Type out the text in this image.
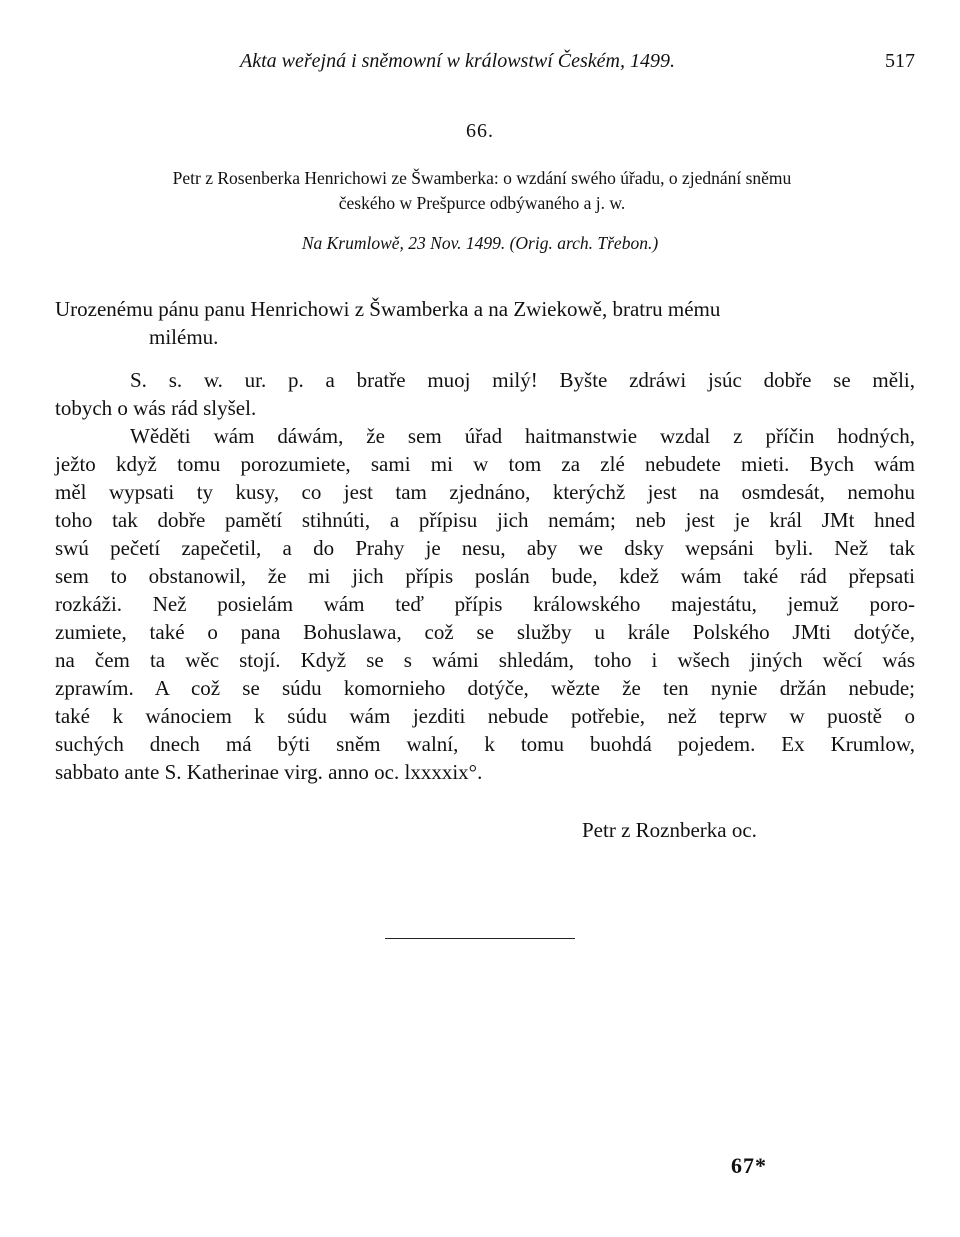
Akta weřejná i sněmowní w králowstwí Českém, 1499.	517
66.
Petr z Rosenberka Henrichowi ze Šwamberka: o wzdání swého úřadu, o zjednání sněmu
českého w Prešpurce odbýwaného a j. w.
Na Krumlowě, 23 Nov. 1499. (Orig. arch. Třebon.)
Urozenému pánu panu Henrichowi z Šwamberka a na Zwiekowě, bratru mému
milému.
S. s. w. ur. p. a bratře muoj milý! Byšte zdráwi jsúc dobře se měli,
tobych o wás rád slyšel.
Wěděti wám dáwám, že sem úřad haitmanstwie wzdal z příčin hodných,
ježto když tomu porozumiete, sami mi w tom za zlé nebudete mieti. Bych wám
měl wypsati ty kusy, co jest tam zjednáno, kterýchž jest na osmdesát, nemohu
toho tak dobře pamětí stihnúti, a přípisu jich nemám; neb jest je král JMt hned
swú pečetí zapečetil, a do Prahy je nesu, aby we dsky wepsáni byli. Než tak
sem to obstanowil, že mi jich přípis poslán bude, kdež wám také rád přepsati
rozkáži. Než posielám wám teď přípis králowského majestátu, jemuž poro-
zumiete, také o pana Bohuslawa, což se služby u krále Polského JMti dotýče,
na čem ta wěc stojí. Když se s wámi shledám, toho i wšech jiných wěcí wás
zprawím. A což se súdu komornieho dotýče, wězte že ten nynie držán nebude;
také k wánociem k súdu wám jezditi nebude potřebie, než teprw w puostě o
suchých dnech má býti sněm walní, k tomu buohdá pojedem. Ex Krumlow,
sabbato ante S. Katherinae virg. anno oc. lxxxxix°.
Petr z Roznberka oc.
67*
